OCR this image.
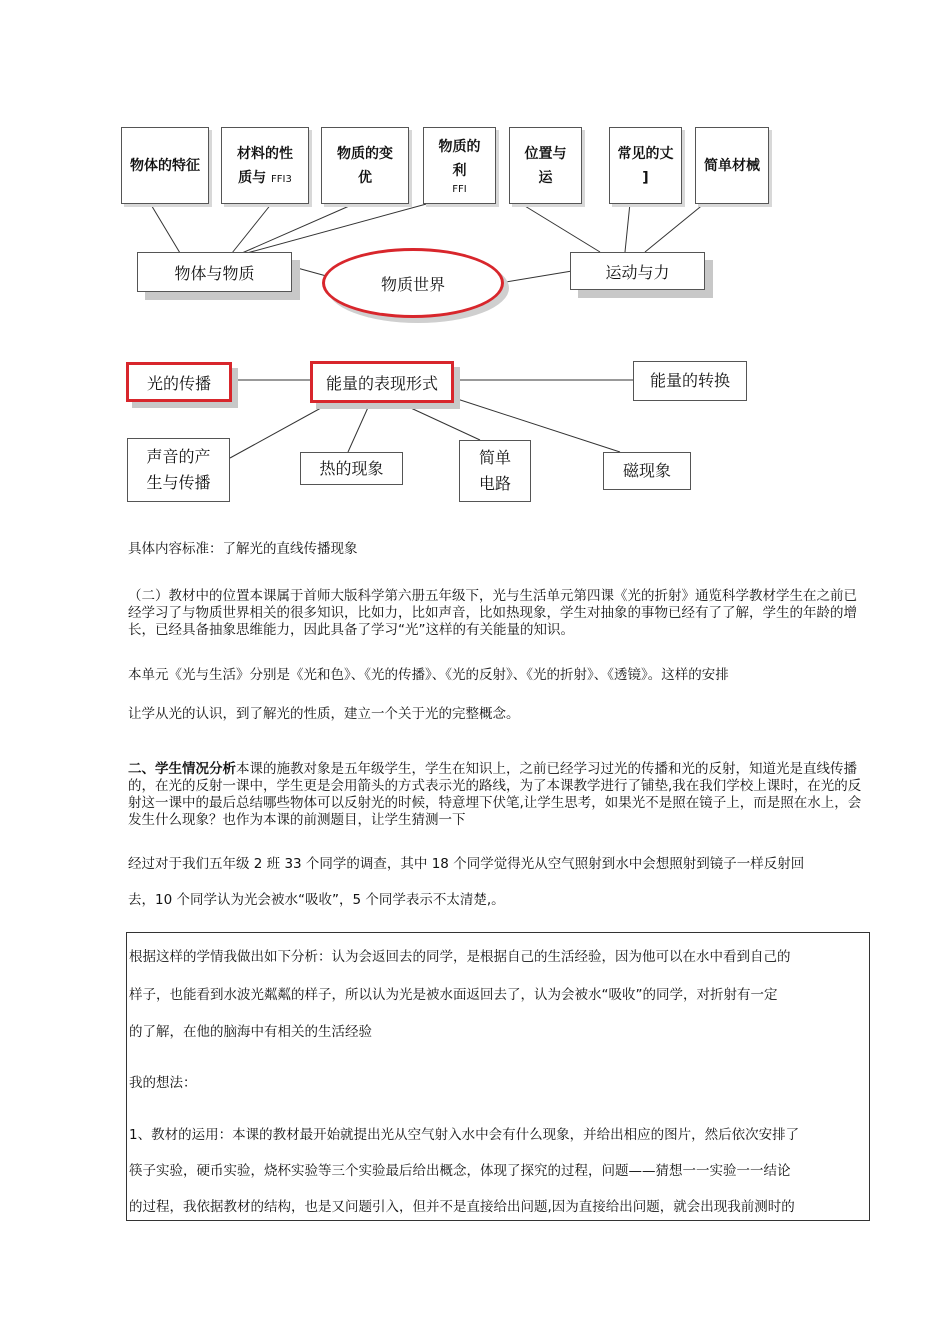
物体的特征
材料的性
质与 FFI3
物质的变
优
物质的
利
FFI
位置与
运
常见的丈
]
简单材械
物体与物质
物质世界
运动与力
光的传播	能量的表现形式	能量的转换
声音的产
生与传播
热的现象
简单
电路
磁现象
具体内容标准：了解光的直线传播现象
（二）教材中的位置本课属于首师大版科学第六册五年级下，光与生活单元第四课《光的折射》通览科学教材学生在之前已经学习了与物质世界相关的很多知识，比如力，比如声音，比如热现象，学生对抽象的事物已经有了了解，学生的年龄的增长，已经具备抽象思维能力，因此具备了学习“光”这样的有关能量的知识。
本单元《光与生活》分别是《光和色》、《光的传播》、《光的反射》、《光的折射》、《透镜》。这样的安排
让学从光的认识，到了解光的性质，建立一个关于光的完整概念。
二、学生情况分析本课的施教对象是五年级学生，学生在知识上，之前已经学习过光的传播和光的反射，知道光是直线传播的，在光的反射一课中，学生更是会用箭头的方式表示光的路线，为了本课教学进行了铺垫,我在我们学校上课时，在光的反射这一课中的最后总结哪些物体可以反射光的时候，特意埋下伏笔,让学生思考，如果光不是照在镜子上，而是照在水上，会发生什么现象？也作为本课的前测题目，让学生猜测一下
经过对于我们五年级 2 班 33 个同学的调查，其中 18 个同学觉得光从空气照射到水中会想照射到镜子一样反射回
去，10 个同学认为光会被水“吸收”，5 个同学表示不太清楚,。

根据这样的学情我做出如下分析：认为会返回去的同学，是根据自己的生活经验，因为他可以在水中看到自己的

样子，也能看到水波光粼粼的样子，所以认为光是被水面返回去了，认为会被水“吸收”的同学，对折射有一定

的了解，在他的脑海中有相关的生活经验

我的想法：

1、教材的运用：本课的教材最开始就提出光从空气射入水中会有什么现象，并给出相应的图片，然后依次安排了

筷子实验，硬币实验，烧杯实验等三个实验最后给出概念，体现了探究的过程，问题——猜想一一实验一一结论

的过程，我依据教材的结构，也是又问题引入，但并不是直接给出问题,因为直接给出问题，就会出现我前测时的
